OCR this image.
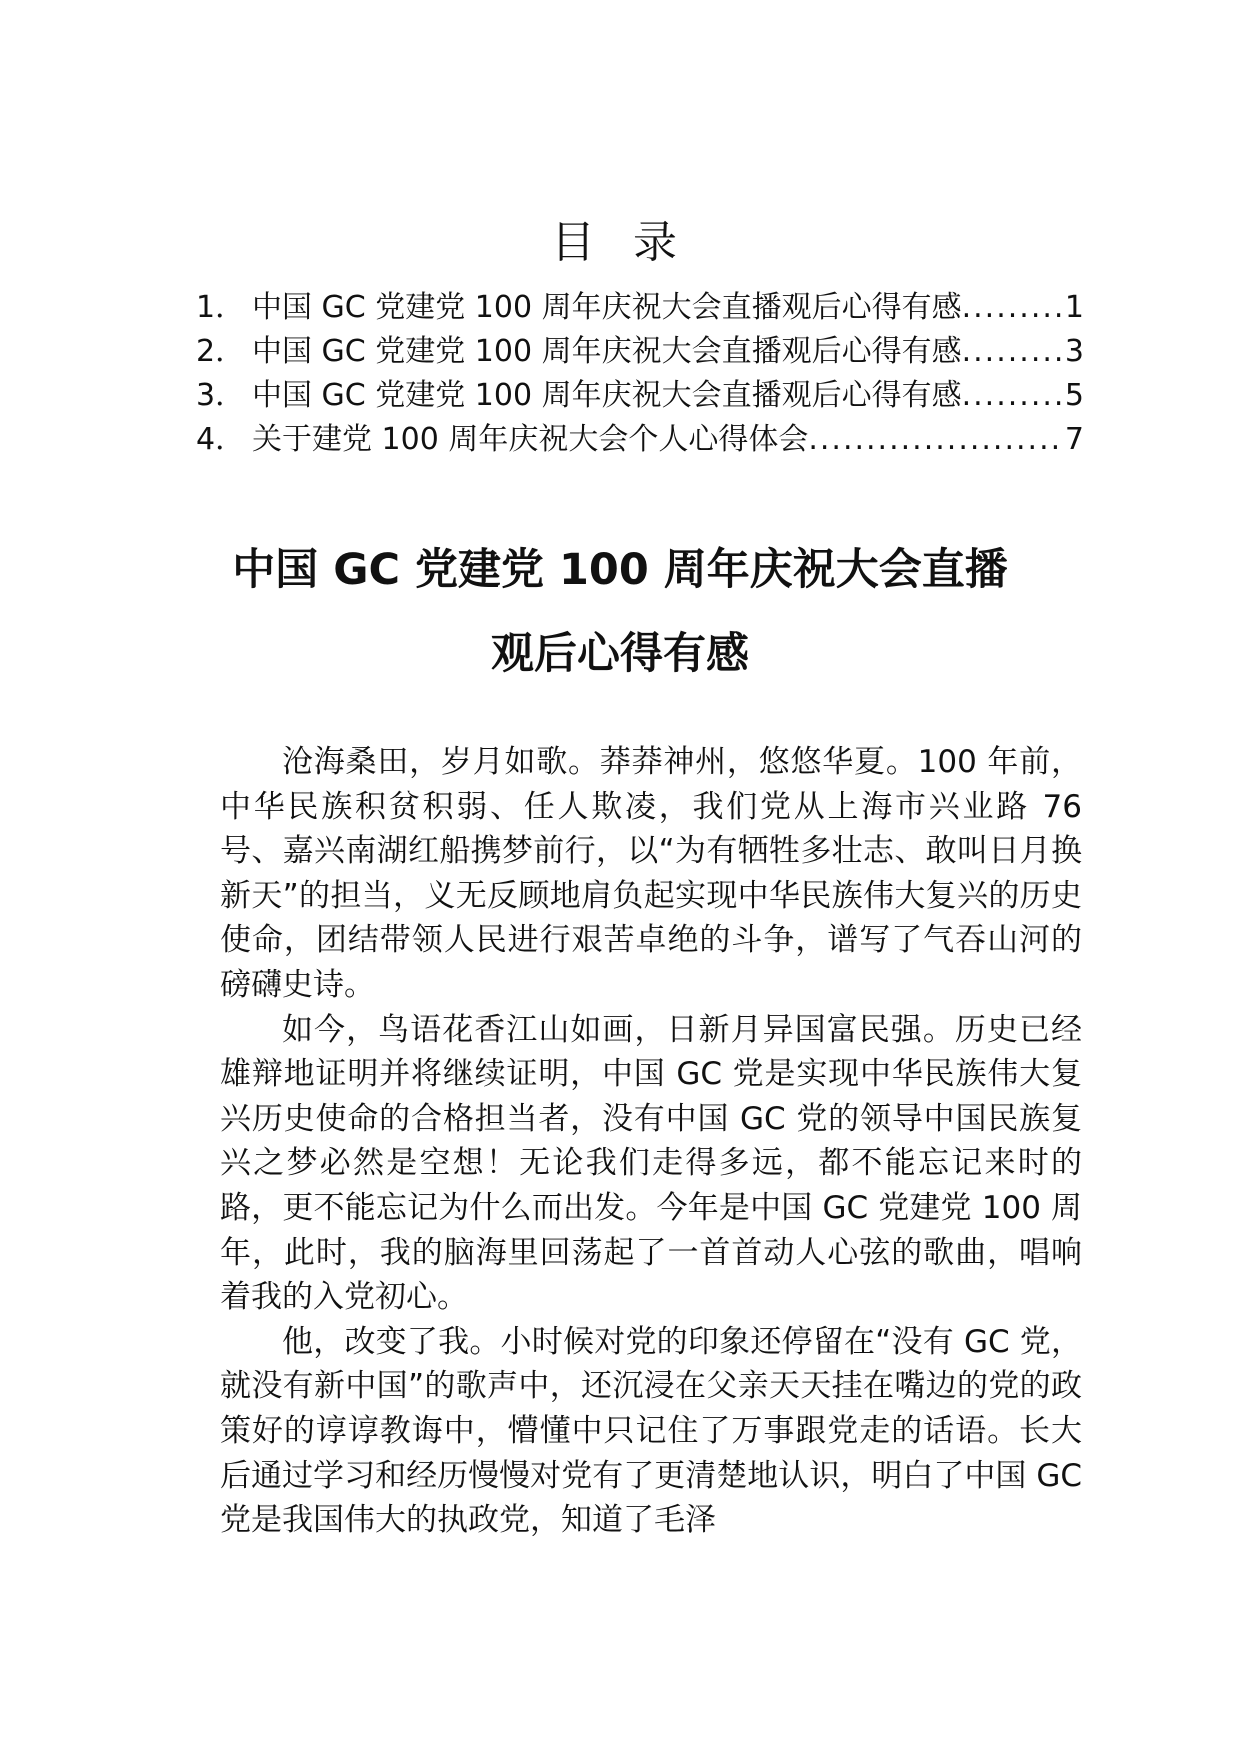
目 录
1． 中国 GC 党建党 100 周年庆祝大会直播观后心得有感 .....	1
2． 中国 GC 党建党 100 周年庆祝大会直播观后心得有感 .....	3
3． 中国 GC 党建党 100 周年庆祝大会直播观后心得有感 .....	5
4． 关于建党 100 周年庆祝大会个人心得体会 .....	7
中国 GC 党建党 100 周年庆祝大会直播
观后心得有感

沧海桑田，岁月如歌。莽莽神州，悠悠华夏。100 年前，中华民族积贫积弱、任人欺凌，我们党从上海市兴业路 76 号、嘉兴南湖红船携梦前行，以“为有牺牲多壮志、敢叫日月换新天”的担当，义无反顾地肩负起实现中华民族伟大复兴的历史使命，团结带领人民进行艰苦卓绝的斗争，谱写了气吞山河的磅礴史诗。

如今，鸟语花香江山如画，日新月异国富民强。历史已经雄辩地证明并将继续证明，中国 GC 党是实现中华民族伟大复兴历史使命的合格担当者，没有中国 GC 党的领导中国民族复兴之梦必然是空想！无论我们走得多远，都不能忘记来时的路，更不能忘记为什么而出发。今年是中国 GC 党建党 100 周年，此时，我的脑海里回荡起了一首首动人心弦的歌曲，唱响着我的入党初心。

他，改变了我。小时候对党的印象还停留在“没有 GC 党，就没有新中国”的歌声中，还沉浸在父亲天天挂在嘴边的党的政策好的谆谆教诲中，懵懂中只记住了万事跟党走的话语。长大后通过学习和经历慢慢对党有了更清楚地认识，明白了中国 GC 党是我国伟大的执政党，知道了毛泽
